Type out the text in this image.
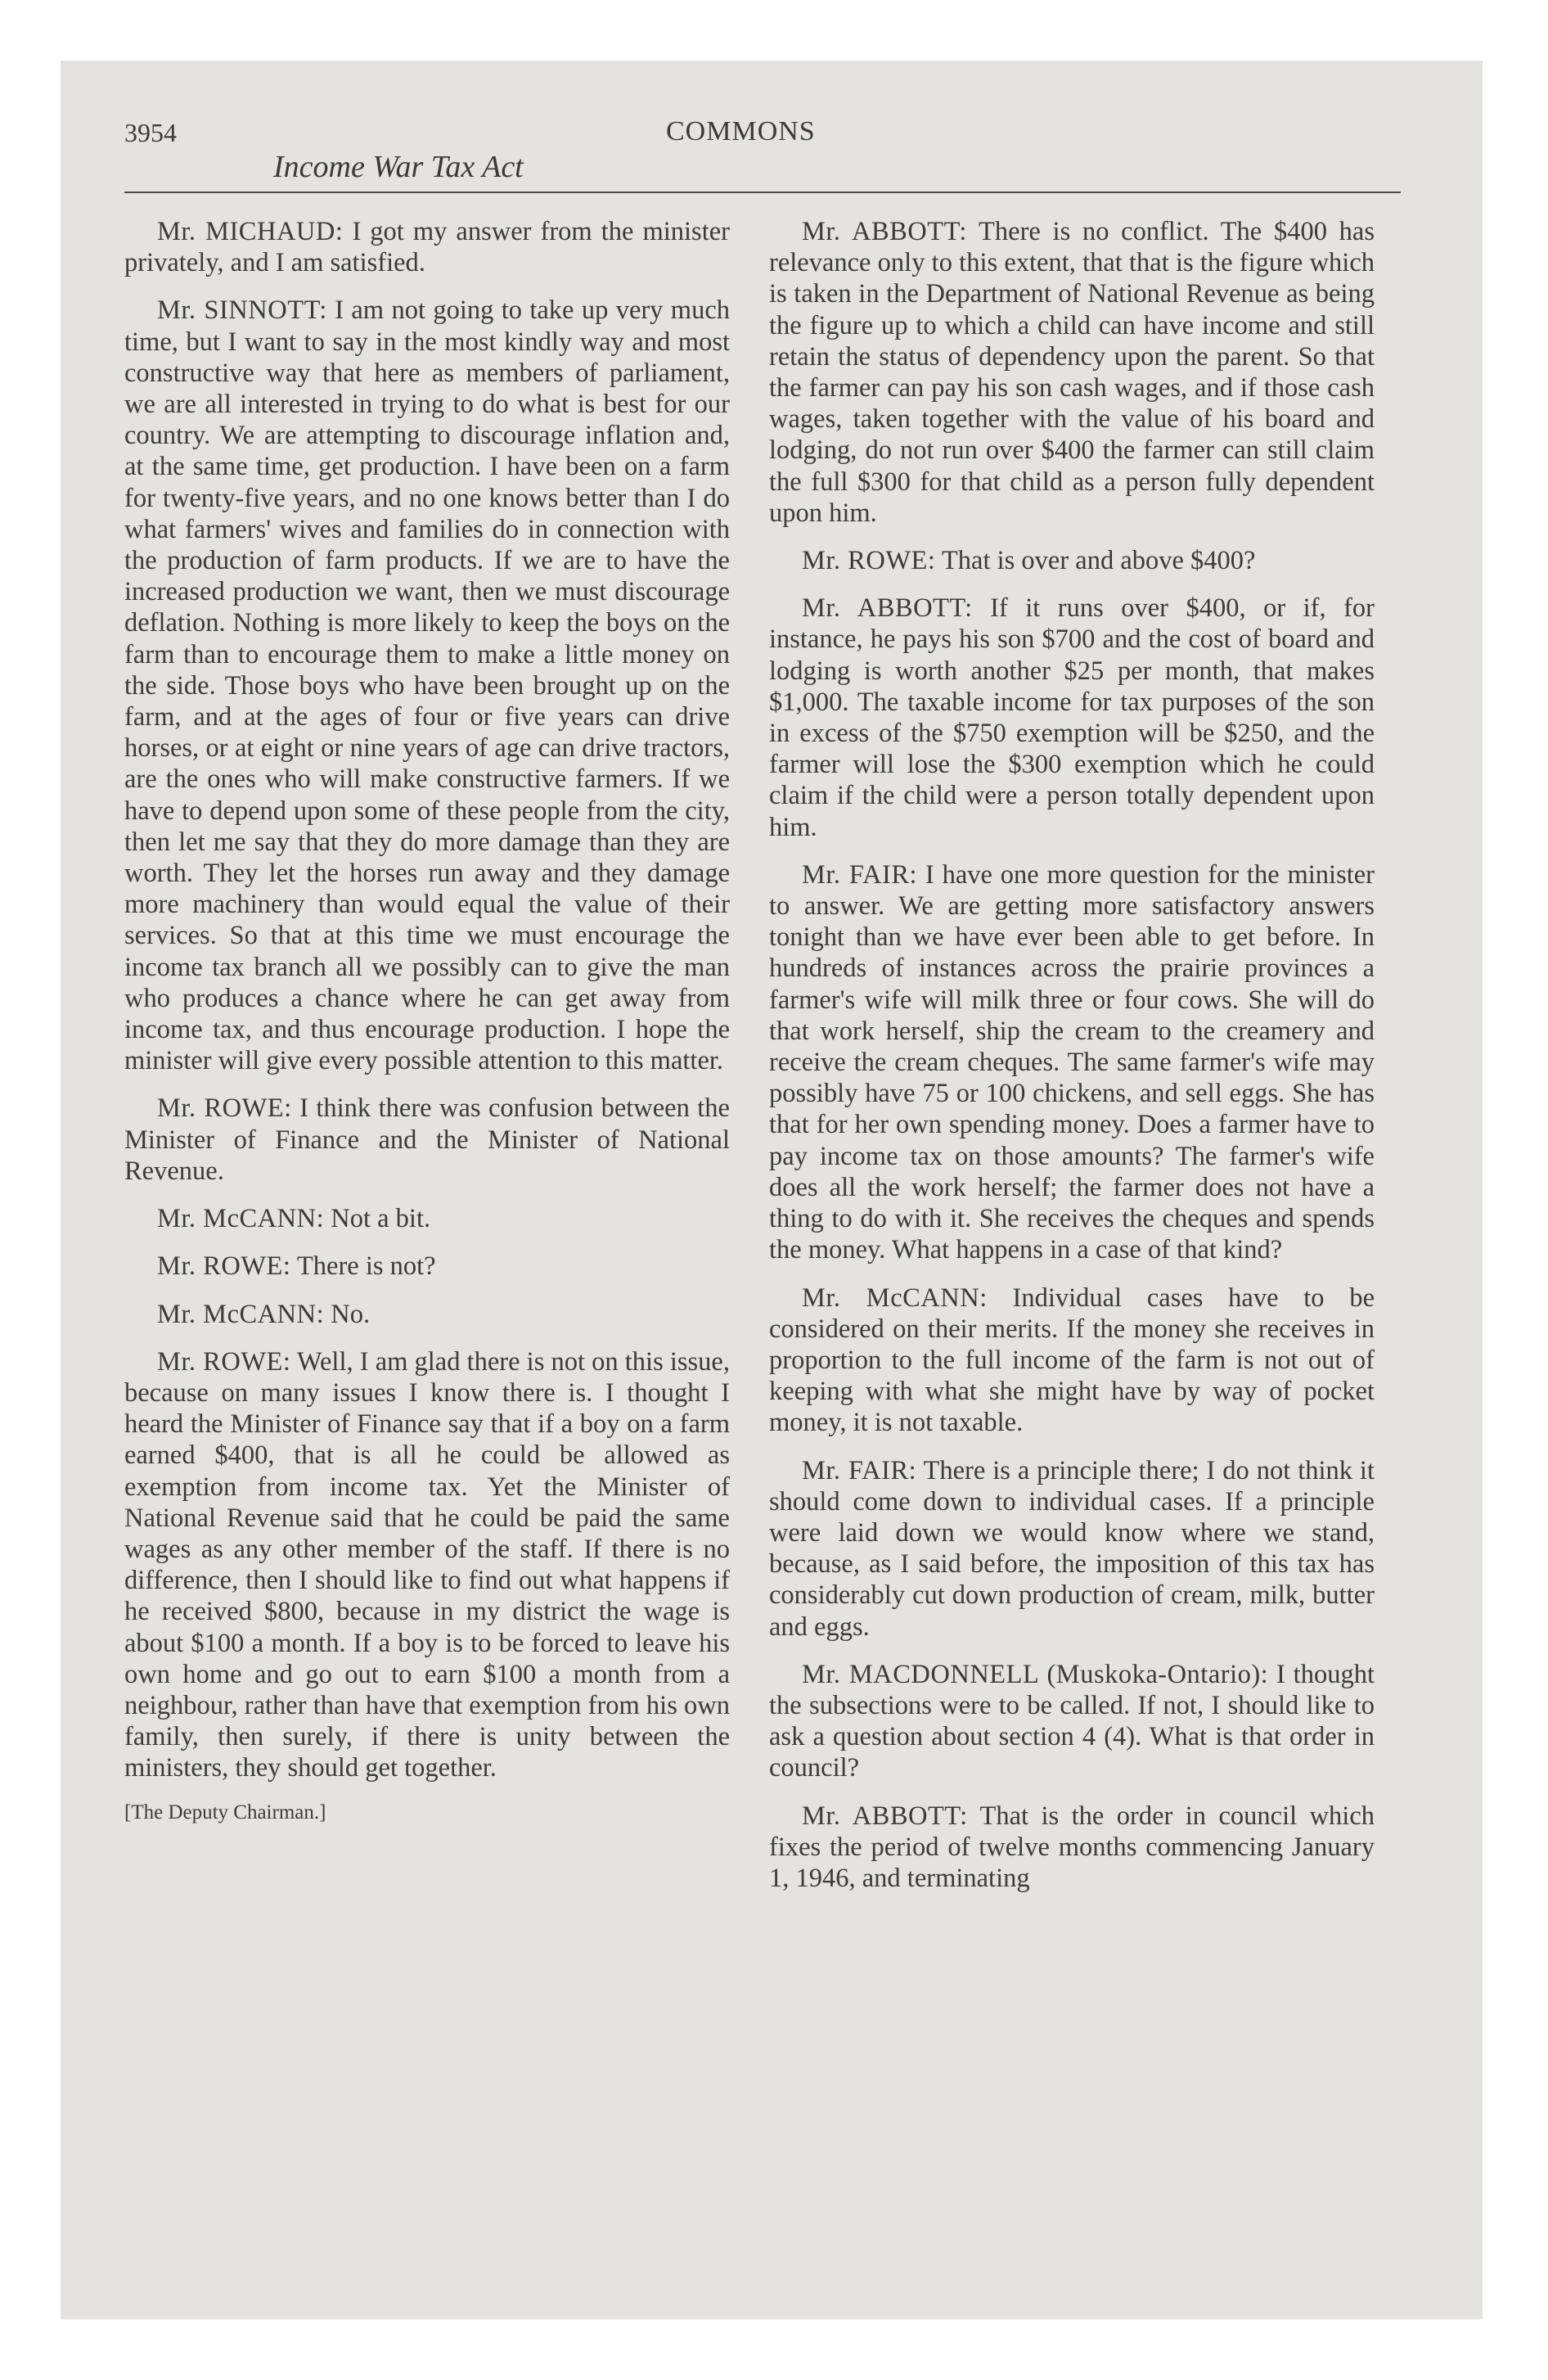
3954
Income War Tax Act
COMMONS

Mr. MICHAUD: I got my answer from the minister privately, and I am satisfied.

Mr. SINNOTT: I am not going to take up very much time, but I want to say in the most kindly way and most constructive way that here as members of parliament, we are all interested in trying to do what is best for our country. We are attempting to discourage inflation and, at the same time, get production. I have been on a farm for twenty-five years, and no one knows better than I do what farmers' wives and families do in connection with the production of farm products. If we are to have the increased production we want, then we must discourage deflation. Nothing is more likely to keep the boys on the farm than to encourage them to make a little money on the side. Those boys who have been brought up on the farm, and at the ages of four or five years can drive horses, or at eight or nine years of age can drive tractors, are the ones who will make constructive farmers. If we have to depend upon some of these people from the city, then let me say that they do more damage than they are worth. They let the horses run away and they damage more machinery than would equal the value of their services. So that at this time we must encourage the income tax branch all we possibly can to give the man who produces a chance where he can get away from income tax, and thus encourage production. I hope the minister will give every possible attention to this matter.

Mr. ROWE: I think there was confusion between the Minister of Finance and the Minister of National Revenue.

Mr. McCANN: Not a bit.

Mr. ROWE: There is not?

Mr. McCANN: No.

Mr. ROWE: Well, I am glad there is not on this issue, because on many issues I know there is. I thought I heard the Minister of Finance say that if a boy on a farm earned $400, that is all he could be allowed as exemption from income tax. Yet the Minister of National Revenue said that he could be paid the same wages as any other member of the staff. If there is no difference, then I should like to find out what happens if he received $800, because in my district the wage is about $100 a month. If a boy is to be forced to leave his own home and go out to earn $100 a month from a neighbour, rather than have that exemption from his own family, then surely, if there is unity between the ministers, they should get together.

[The Deputy Chairman.]

Mr. ABBOTT: There is no conflict. The $400 has relevance only to this extent, that that is the figure which is taken in the Department of National Revenue as being the figure up to which a child can have income and still retain the status of dependency upon the parent. So that the farmer can pay his son cash wages, and if those cash wages, taken together with the value of his board and lodging, do not run over $400 the farmer can still claim the full $300 for that child as a person fully dependent upon him.

Mr. ROWE: That is over and above $400?

Mr. ABBOTT: If it runs over $400, or if, for instance, he pays his son $700 and the cost of board and lodging is worth another $25 per month, that makes $1,000. The taxable income for tax purposes of the son in excess of the $750 exemption will be $250, and the farmer will lose the $300 exemption which he could claim if the child were a person totally dependent upon him.

Mr. FAIR: I have one more question for the minister to answer. We are getting more satisfactory answers tonight than we have ever been able to get before. In hundreds of instances across the prairie provinces a farmer's wife will milk three or four cows. She will do that work herself, ship the cream to the creamery and receive the cream cheques. The same farmer's wife may possibly have 75 or 100 chickens, and sell eggs. She has that for her own spending money. Does a farmer have to pay income tax on those amounts? The farmer's wife does all the work herself; the farmer does not have a thing to do with it. She receives the cheques and spends the money. What happens in a case of that kind?

Mr. McCANN: Individual cases have to be considered on their merits. If the money she receives in proportion to the full income of the farm is not out of keeping with what she might have by way of pocket money, it is not taxable.

Mr. FAIR: There is a principle there; I do not think it should come down to individual cases. If a principle were laid down we would know where we stand, because, as I said before, the imposition of this tax has considerably cut down production of cream, milk, butter and eggs.

Mr. MACDONNELL (Muskoka-Ontario): I thought the subsections were to be called. If not, I should like to ask a question about section 4 (4). What is that order in council?

Mr. ABBOTT: That is the order in council which fixes the period of twelve months commencing January 1, 1946, and terminating
